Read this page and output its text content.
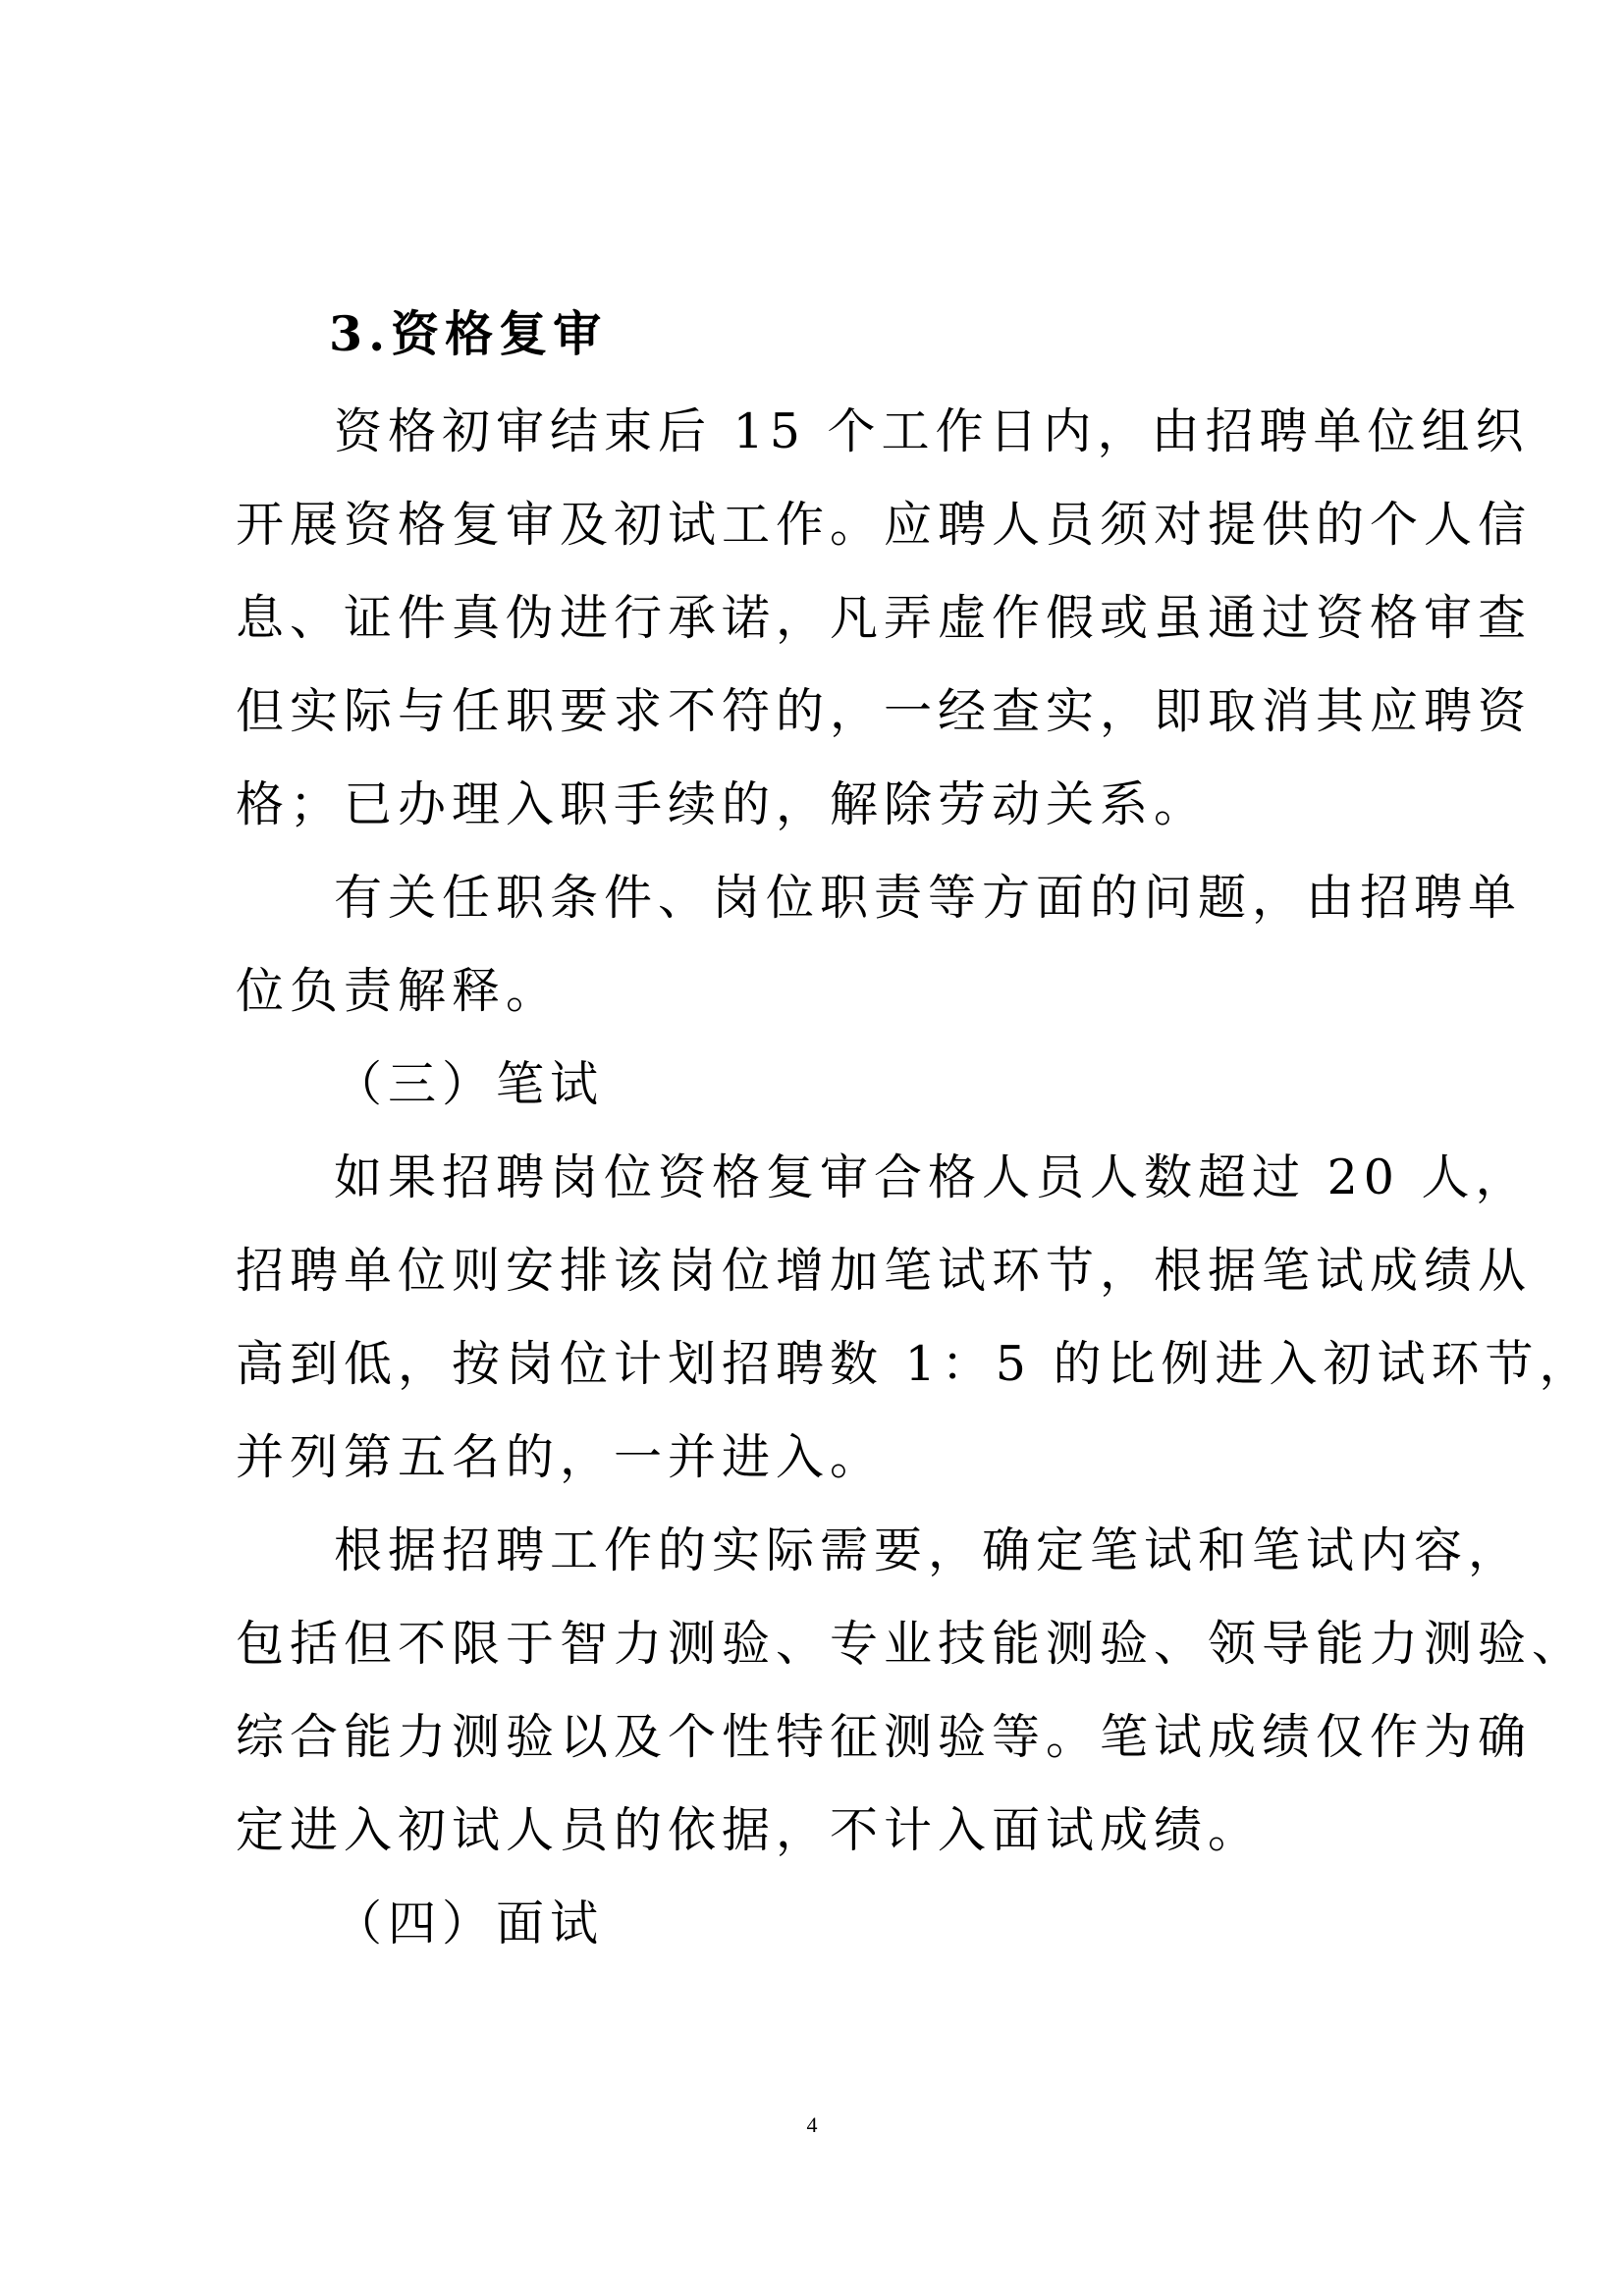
3.资格复审
资格初审结束后 15 个工作日内，由招聘单位组织
开展资格复审及初试工作。应聘人员须对提供的个人信
息、证件真伪进行承诺，凡弄虚作假或虽通过资格审查
但实际与任职要求不符的，一经查实，即取消其应聘资
格；已办理入职手续的，解除劳动关系。
有关任职条件、岗位职责等方面的问题，由招聘单
位负责解释。
（三）笔试
如果招聘岗位资格复审合格人员人数超过 20 人，
招聘单位则安排该岗位增加笔试环节，根据笔试成绩从
高到低，按岗位计划招聘数 1：5 的比例进入初试环节，
并列第五名的，一并进入。
根据招聘工作的实际需要，确定笔试和笔试内容，
包括但不限于智力测验、专业技能测验、领导能力测验、
综合能力测验以及个性特征测验等。笔试成绩仅作为确
定进入初试人员的依据，不计入面试成绩。
（四）面试
4
